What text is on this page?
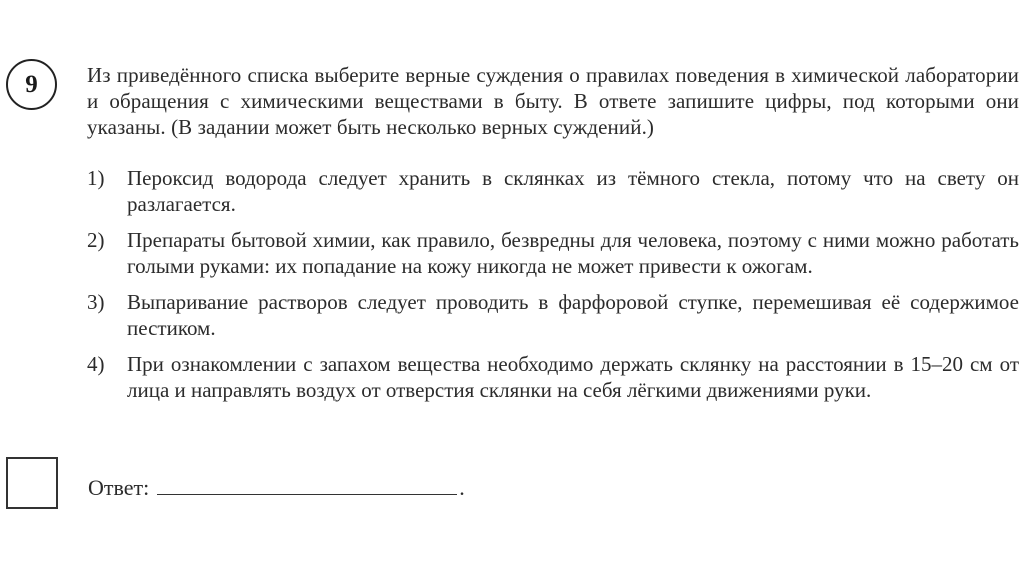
9 Из приведённого списка выберите верные суждения о правилах поведения в химической лаборатории и обращения с химическими веществами в быту. В ответе запишите цифры, под которыми они указаны. (В задании может быть несколько верных суждений.)

1)	Пероксид водорода следует хранить в склянках из тёмного стекла, потому что на свету он разлагается.
2)	Препараты бытовой химии, как правило, безвредны для человека, поэтому с ними можно работать голыми руками: их попадание на кожу никогда не может привести к ожогам.
3)	Выпаривание растворов следует проводить в фарфоровой ступке, перемешивая её содержимое пестиком.
4)	При ознакомлении с запахом вещества необходимо держать склянку на расстоянии в 15–20 см от лица и направлять воздух от отверстия склянки на себя лёгкими движениями руки.
Ответ:	.
